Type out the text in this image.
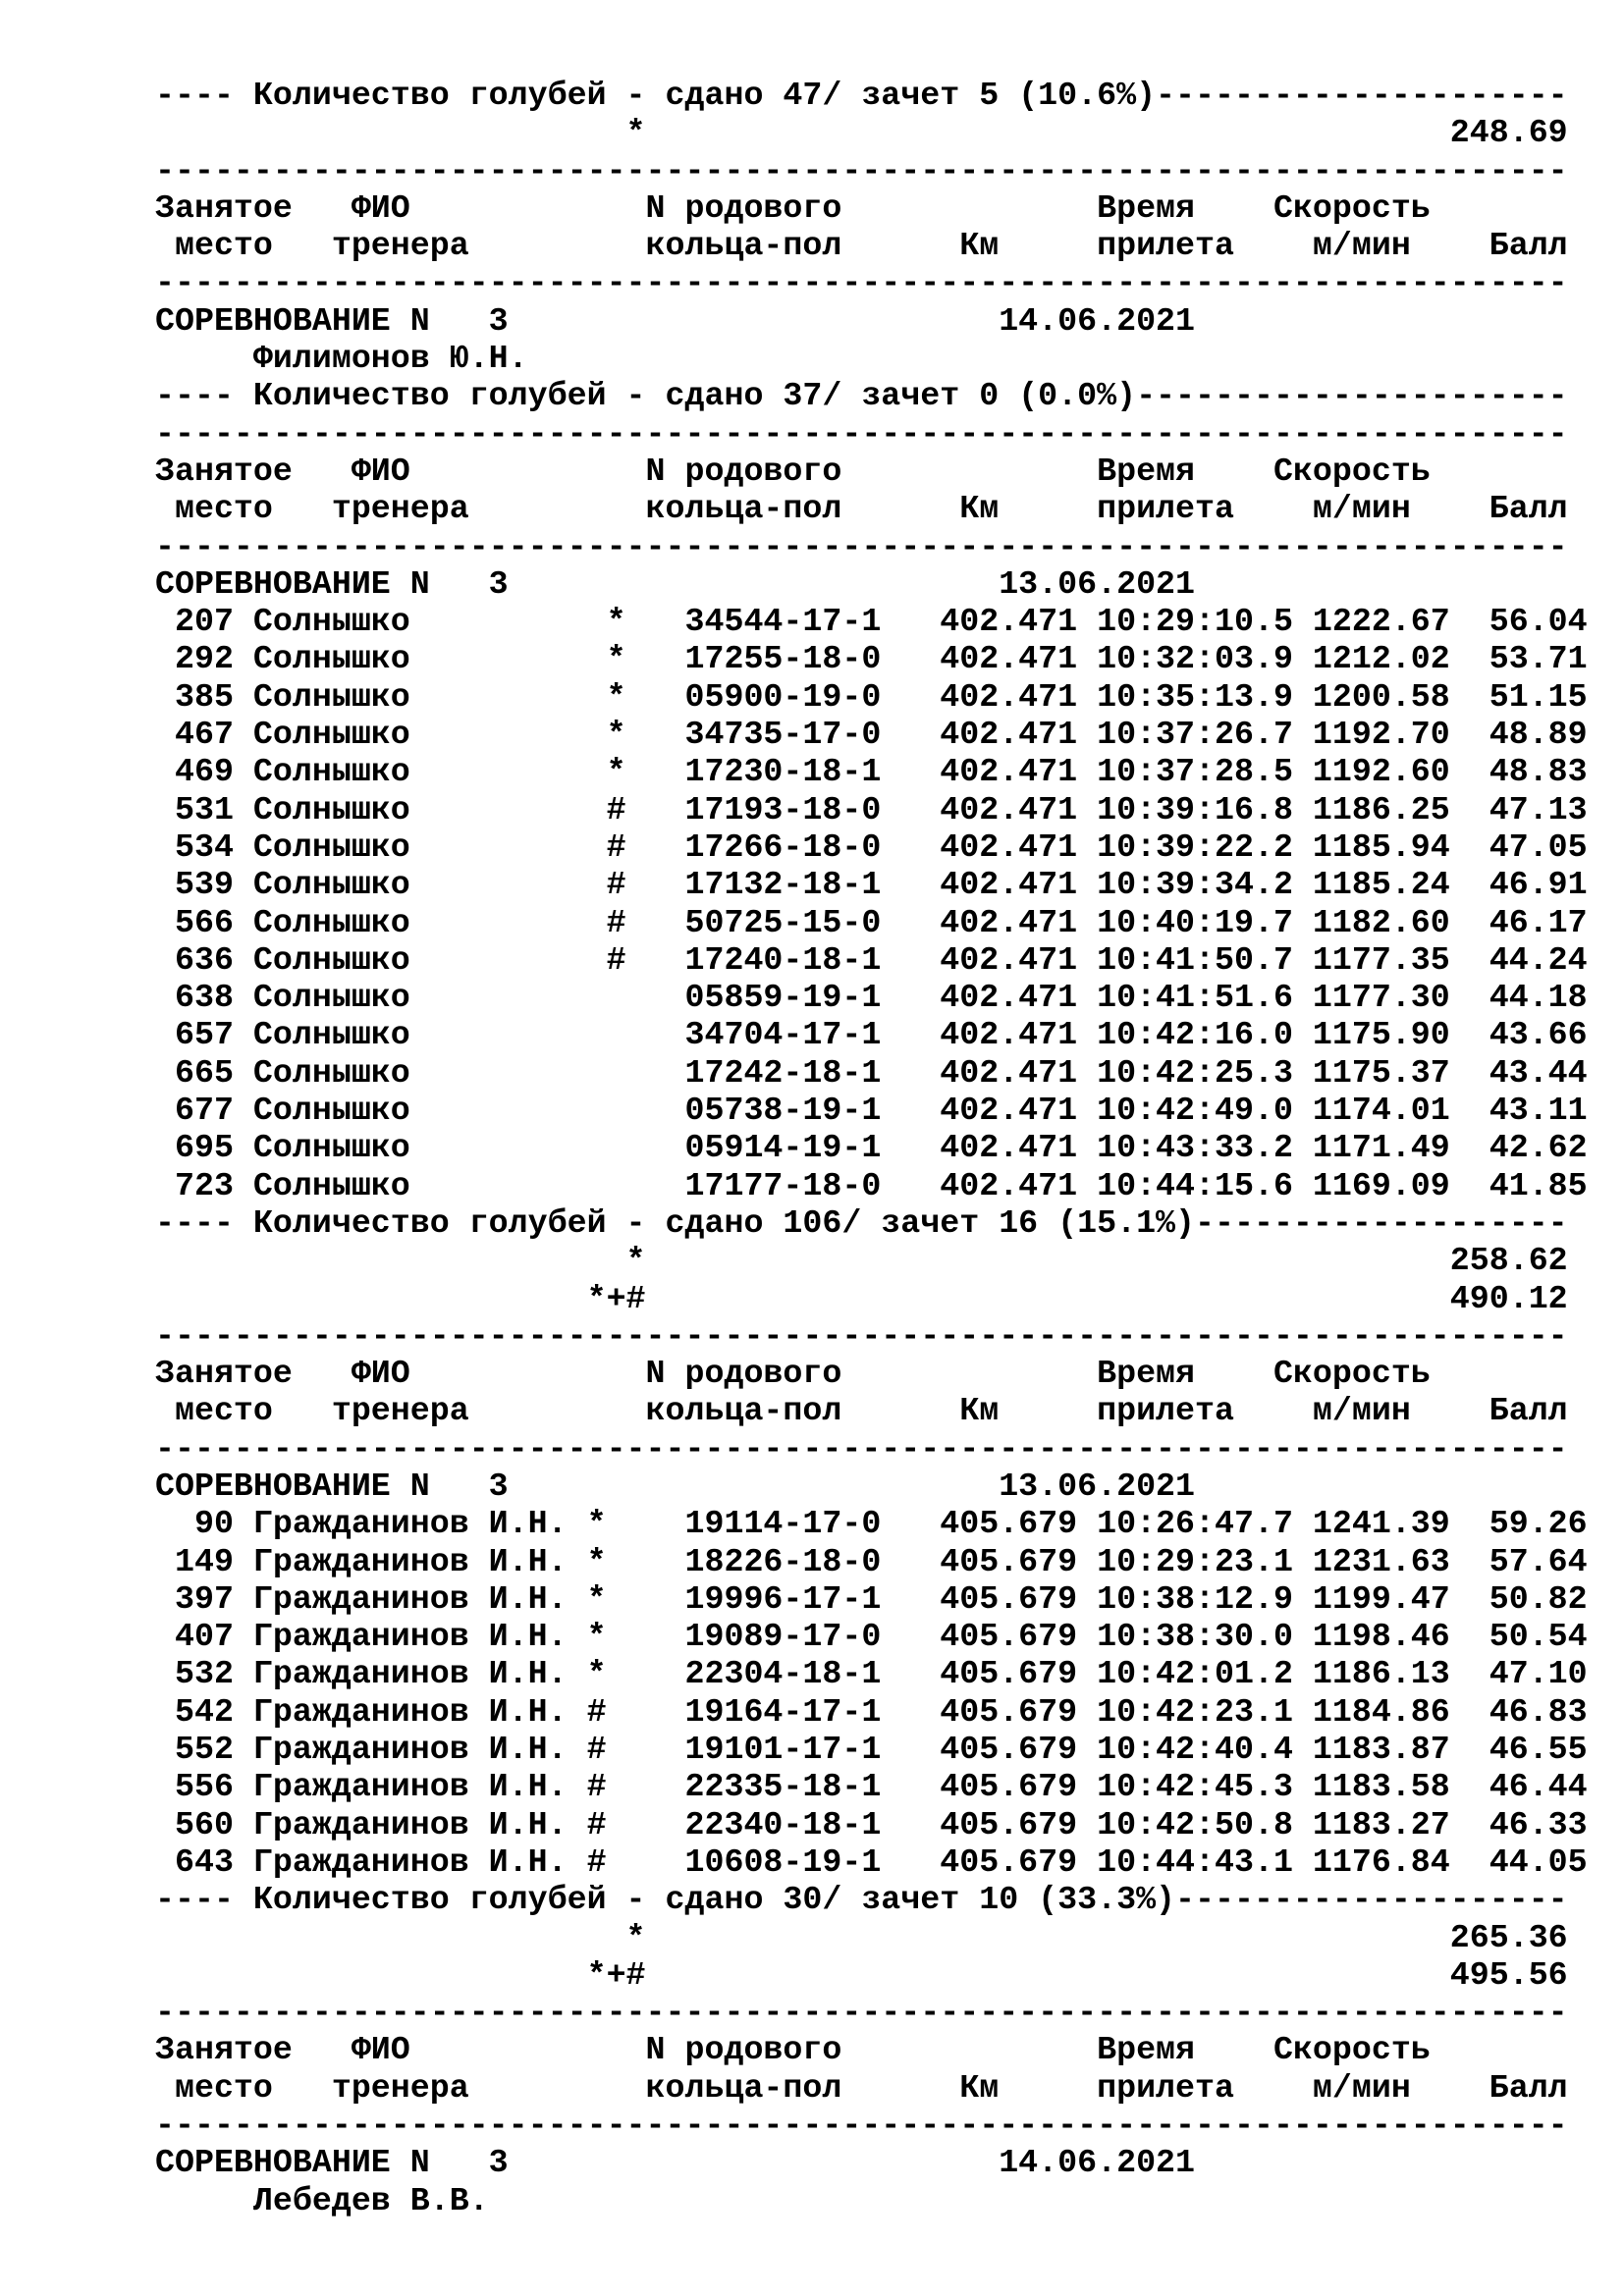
---- Количество голубей - сдано 47/ зачет 5 (10.6%)---------------------
*                                         248.69
------------------------------------------------------------------------
Занятое   ФИО            N родового             Время    Скорость
место   тренера         кольца-пол      Км     прилета    м/мин    Балл
------------------------------------------------------------------------
СОРЕВНОВАНИЕ N   3                         14.06.2021
Филимонов Ю.Н.
---- Количество голубей - сдано 37/ зачет 0 (0.0%)----------------------
------------------------------------------------------------------------
Занятое   ФИО            N родового             Время    Скорость
место   тренера         кольца-пол      Км     прилета    м/мин    Балл
------------------------------------------------------------------------
СОРЕВНОВАНИЕ N   3                         13.06.2021
207 Солнышко          *   34544-17-1   402.471 10:29:10.5 1222.67  56.04
292 Солнышко          *   17255-18-0   402.471 10:32:03.9 1212.02  53.71
385 Солнышко          *   05900-19-0   402.471 10:35:13.9 1200.58  51.15
467 Солнышко          *   34735-17-0   402.471 10:37:26.7 1192.70  48.89
469 Солнышко          *   17230-18-1   402.471 10:37:28.5 1192.60  48.83
531 Солнышко          #   17193-18-0   402.471 10:39:16.8 1186.25  47.13
534 Солнышко          #   17266-18-0   402.471 10:39:22.2 1185.94  47.05
539 Солнышко          #   17132-18-1   402.471 10:39:34.2 1185.24  46.91
566 Солнышко          #   50725-15-0   402.471 10:40:19.7 1182.60  46.17
636 Солнышко          #   17240-18-1   402.471 10:41:50.7 1177.35  44.24
638 Солнышко              05859-19-1   402.471 10:41:51.6 1177.30  44.18
657 Солнышко              34704-17-1   402.471 10:42:16.0 1175.90  43.66
665 Солнышко              17242-18-1   402.471 10:42:25.3 1175.37  43.44
677 Солнышко              05738-19-1   402.471 10:42:49.0 1174.01  43.11
695 Солнышко              05914-19-1   402.471 10:43:33.2 1171.49  42.62
723 Солнышко              17177-18-0   402.471 10:44:15.6 1169.09  41.85
---- Количество голубей - сдано 106/ зачет 16 (15.1%)-------------------
*                                         258.62
*+#                                         490.12
------------------------------------------------------------------------
Занятое   ФИО            N родового             Время    Скорость
место   тренера         кольца-пол      Км     прилета    м/мин    Балл
------------------------------------------------------------------------
СОРЕВНОВАНИЕ N   3                         13.06.2021
90 Гражданинов И.Н. *    19114-17-0   405.679 10:26:47.7 1241.39  59.26
149 Гражданинов И.Н. *    18226-18-0   405.679 10:29:23.1 1231.63  57.64
397 Гражданинов И.Н. *    19996-17-1   405.679 10:38:12.9 1199.47  50.82
407 Гражданинов И.Н. *    19089-17-0   405.679 10:38:30.0 1198.46  50.54
532 Гражданинов И.Н. *    22304-18-1   405.679 10:42:01.2 1186.13  47.10
542 Гражданинов И.Н. #    19164-17-1   405.679 10:42:23.1 1184.86  46.83
552 Гражданинов И.Н. #    19101-17-1   405.679 10:42:40.4 1183.87  46.55
556 Гражданинов И.Н. #    22335-18-1   405.679 10:42:45.3 1183.58  46.44
560 Гражданинов И.Н. #    22340-18-1   405.679 10:42:50.8 1183.27  46.33
643 Гражданинов И.Н. #    10608-19-1   405.679 10:44:43.1 1176.84  44.05
---- Количество голубей - сдано 30/ зачет 10 (33.3%)--------------------
*                                         265.36
*+#                                         495.56
------------------------------------------------------------------------
Занятое   ФИО            N родового             Время    Скорость
место   тренера         кольца-пол      Км     прилета    м/мин    Балл
------------------------------------------------------------------------
СОРЕВНОВАНИЕ N   3                         14.06.2021
Лебедев В.В.
